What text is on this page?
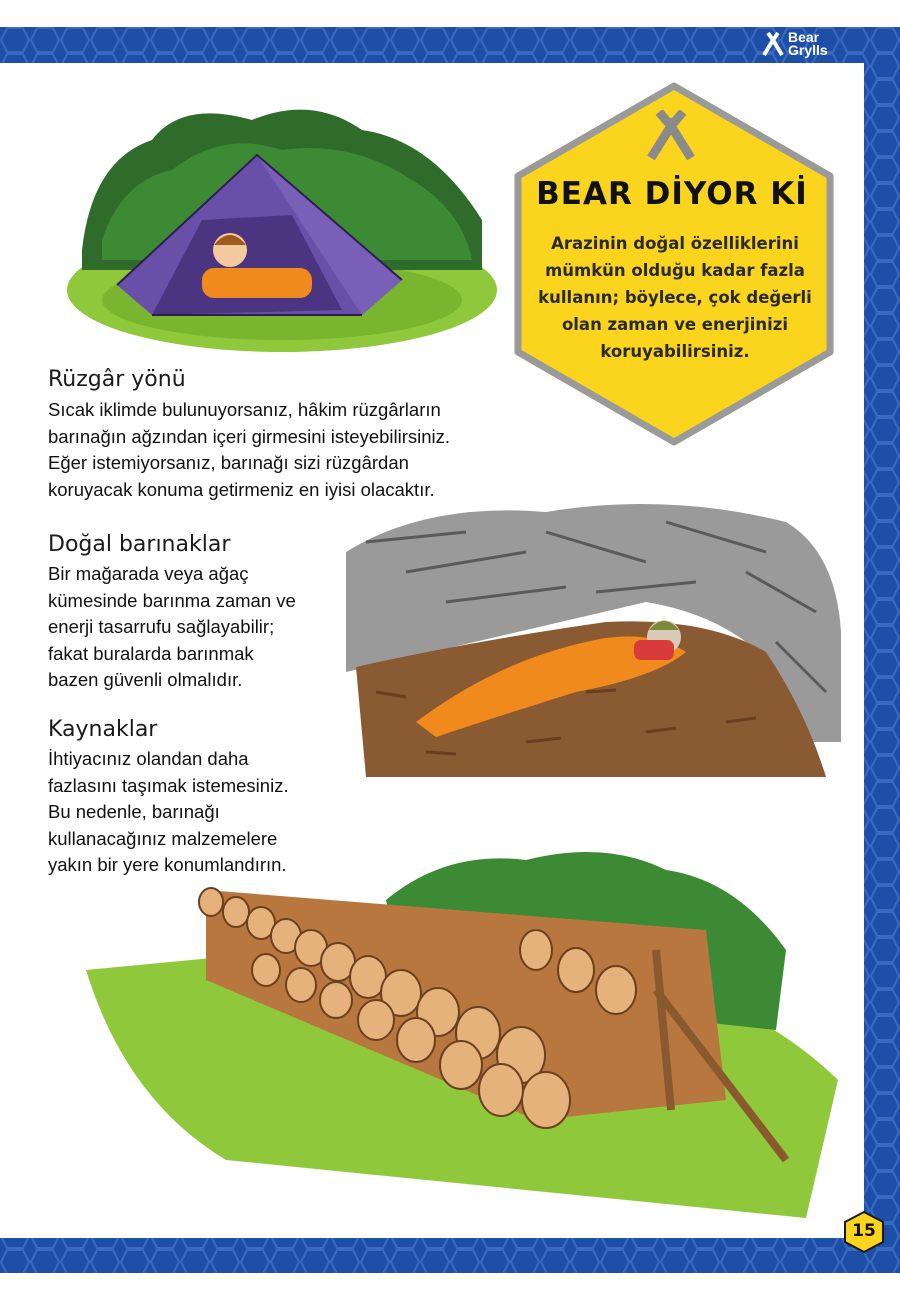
Bear
Grylls
BEAR DİYOR Kİ
Arazinin doğal özelliklerini
mümkün olduğu kadar fazla
kullanın; böylece, çok değerli
olan zaman ve enerjinizi
koruyabilirsiniz.
Rüzgâr yönü

Sıcak iklimde bulunuyorsanız, hâkim rüzgârların
barınağın ağzından içeri girmesini isteyebilirsiniz.
Eğer istemiyorsanız, barınağı sizi rüzgârdan
koruyacak konuma getirmeniz en iyisi olacaktır.

Doğal barınaklar

Bir mağarada veya ağaç
kümesinde barınma zaman ve
enerji tasarrufu sağlayabilir;
fakat buralarda barınmak
bazen güvenli olmalıdır.

Kaynaklar

İhtiyacınız olandan daha
fazlasını taşımak istemesiniz.
Bu nedenle, barınağı
kullanacağınız malzemelere
yakın bir yere konumlandırın.

15
